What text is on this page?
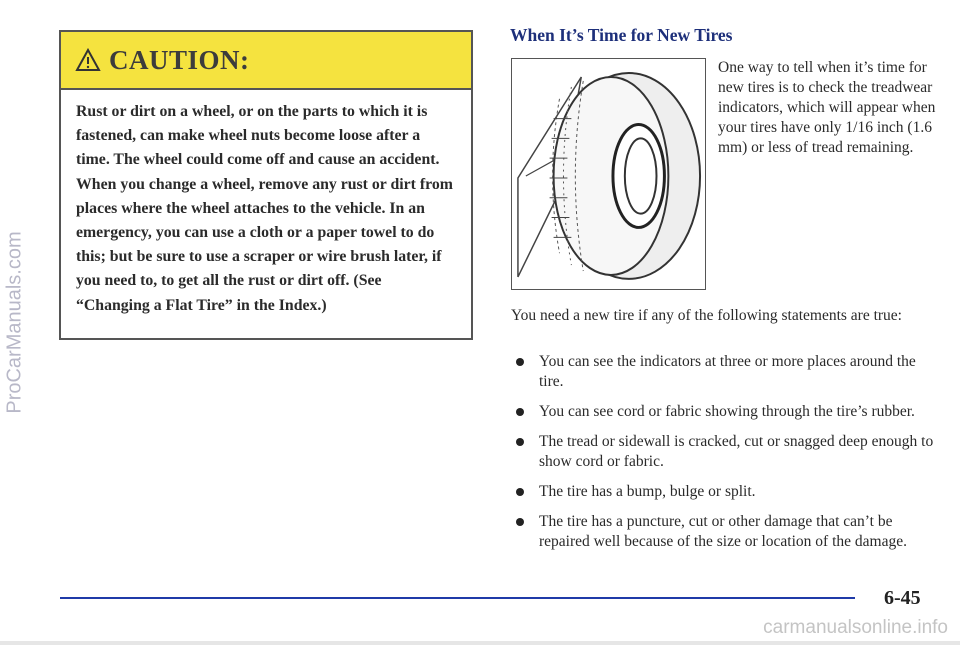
ProCarManuals.com
CAUTION:
Rust or dirt on a wheel, or on the parts to which it is fastened, can make wheel nuts become loose after a time. The wheel could come off and cause an accident. When you change a wheel, remove any rust or dirt from places where the wheel attaches to the vehicle. In an emergency, you can use a cloth or a paper towel to do this; but be sure to use a scraper or wire brush later, if you need to, to get all the rust or dirt off. (See “Changing a Flat Tire” in the Index.)
When It’s Time for New Tires
One way to tell when it’s time for new tires is to check the treadwear indicators, which will appear when your tires have only 1/16 inch (1.6 mm) or less of tread remaining.
You need a new tire if any of the following statements are true:
You can see the indicators at three or more places around the tire.
You can see cord or fabric showing through the tire’s rubber.
The tread or sidewall is cracked, cut or snagged deep enough to show cord or fabric.
The tire has a bump, bulge or split.
The tire has a puncture, cut or other damage that can’t be repaired well because of the size or location of the damage.
6-45
carmanualsonline.info
